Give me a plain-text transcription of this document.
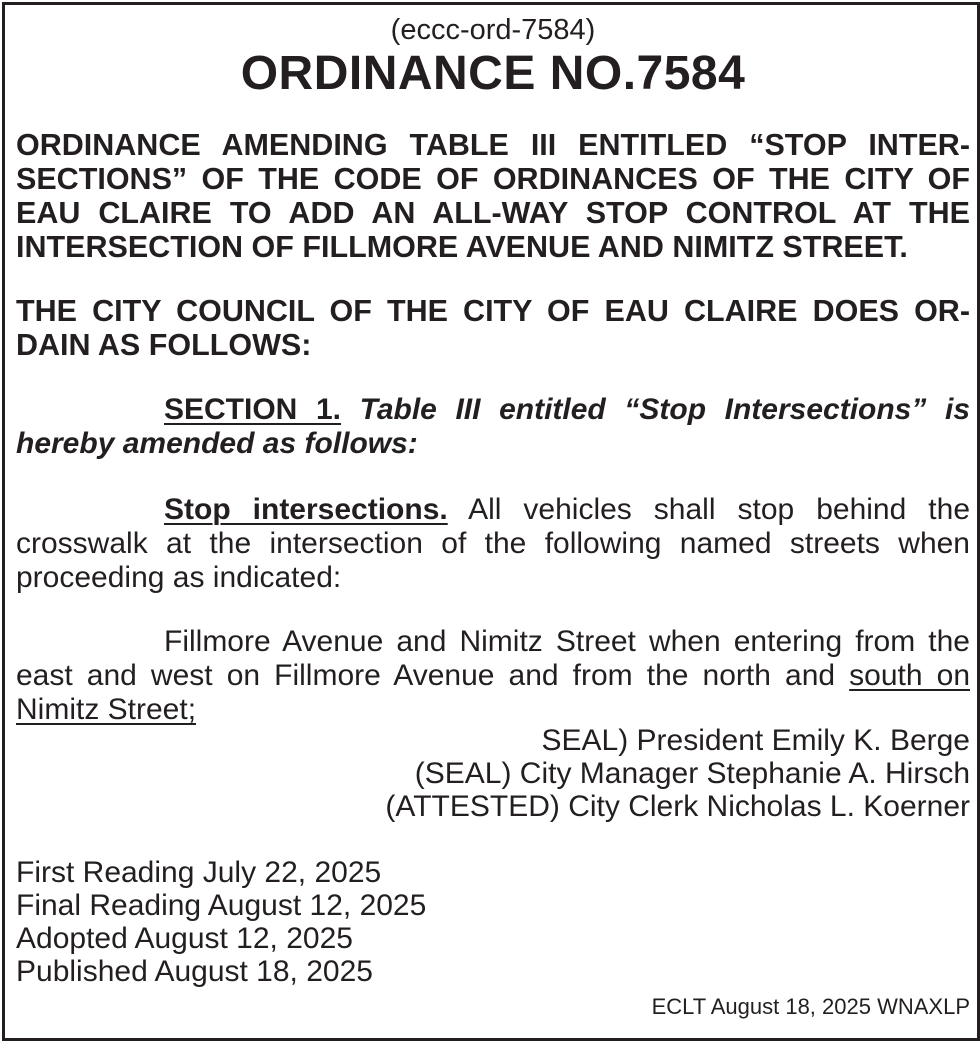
(eccc-ord-7584)
ORDINANCE NO.7584
ORDINANCE AMENDING TABLE III ENTITLED “STOP INTER-SECTIONS” OF THE CODE OF ORDINANCES OF THE CITY OF EAU CLAIRE TO ADD AN ALL-WAY STOP CONTROL AT THE INTERSECTION OF FILLMORE AVENUE AND NIMITZ STREET.
THE CITY COUNCIL OF THE CITY OF EAU CLAIRE DOES OR-DAIN AS FOLLOWS:
SECTION 1. Table III entitled “Stop Intersections” is hereby amended as follows:
Stop intersections. All vehicles shall stop behind the crosswalk at the intersection of the following named streets when proceeding as indicated:
Fillmore Avenue and Nimitz Street when entering from the east and west on Fillmore Avenue and from the north and south on Nimitz Street;
SEAL) President Emily K. Berge
(SEAL) City Manager Stephanie A. Hirsch
(ATTESTED) City Clerk Nicholas L. Koerner
First Reading July 22, 2025
Final Reading August 12, 2025
Adopted August 12, 2025
Published August 18, 2025
ECLT August 18, 2025 WNAXLP
